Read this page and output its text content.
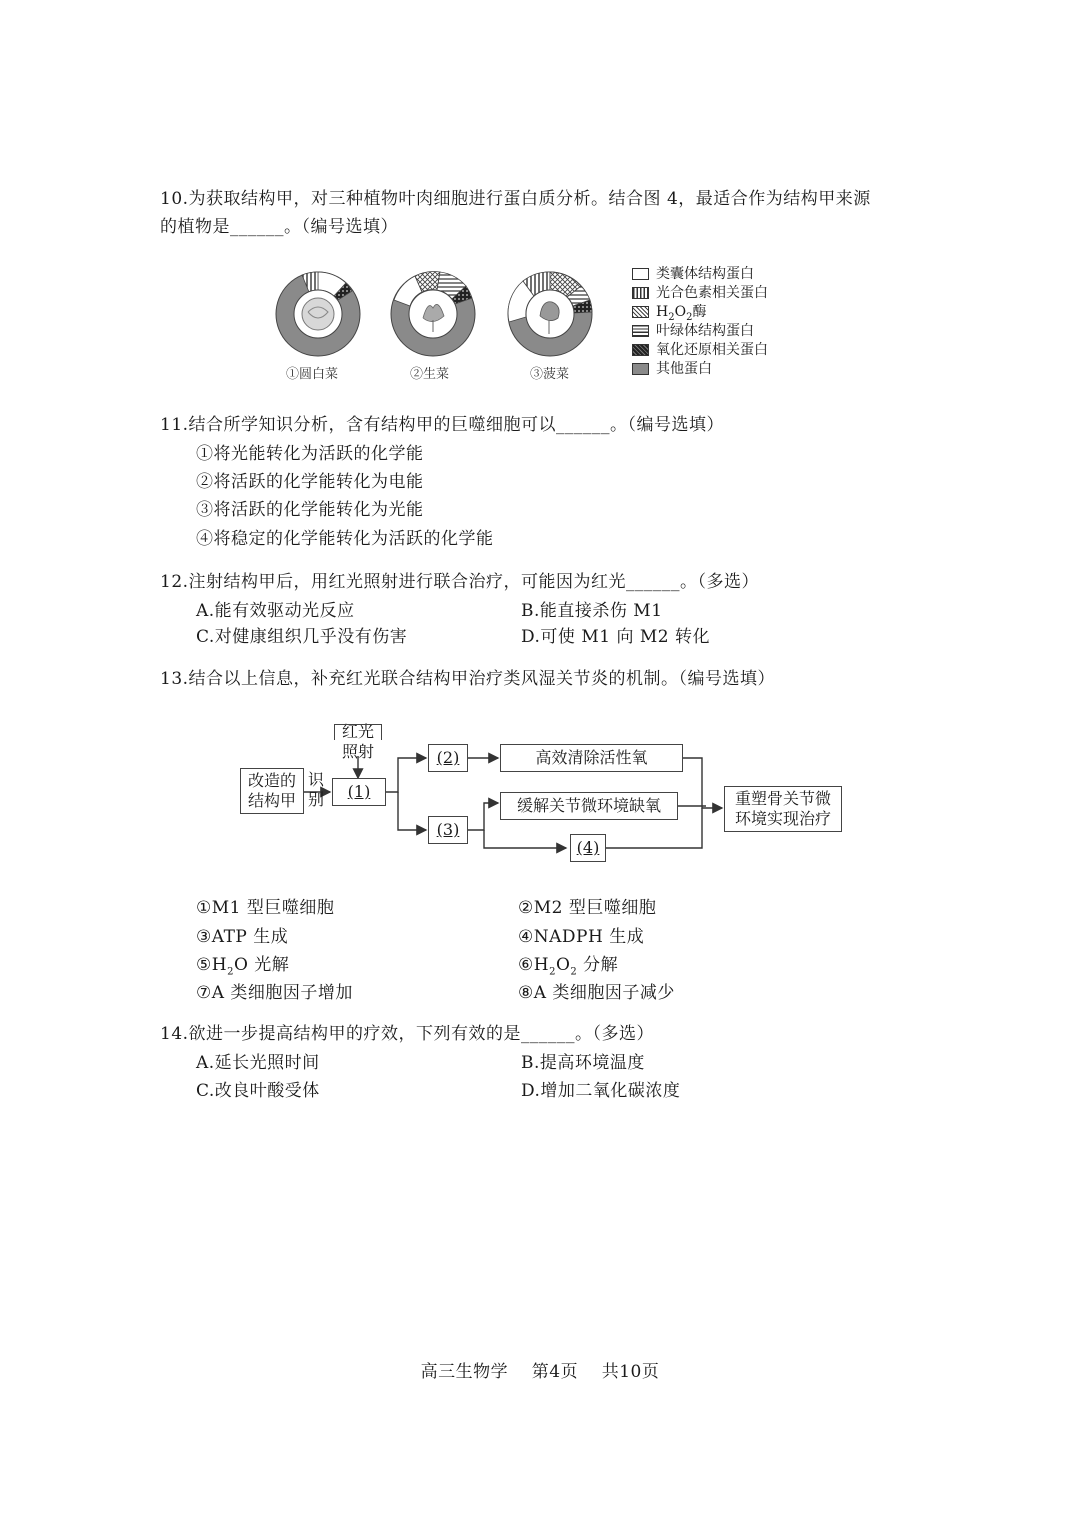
10.为获取结构甲，对三种植物叶肉细胞进行蛋白质分析。结合图 4，最适合作为结构甲来源
的植物是______。（编号选填）
①圆白菜	②生菜	③菠菜
类囊体结构蛋白
光合色素相关蛋白
$H_2O_2$酶
叶绿体结构蛋白
氧化还原相关蛋白
其他蛋白
11.结合所学知识分析，含有结构甲的巨噬细胞可以______。（编号选填）
①将光能转化为活跃的化学能
②将活跃的化学能转化为电能
③将活跃的化学能转化为光能
④将稳定的化学能转化为活跃的化学能
12.注射结构甲后，用红光照射进行联合治疗，可能因为红光______。（多选）
A.能有效驱动光反应	B.能直接杀伤 M1
C.对健康组织几乎没有伤害	D.可使 M1 向 M2 转化
13.结合以上信息，补充红光联合结构甲治疗类风湿关节炎的机制。（编号选填）
改造的
结构甲
识
别
红光
照射
(1)
(2)
(3)
高效清除活性氧
缓解关节微环境缺氧
(4)
重塑骨关节微
环境实现治疗
①M1 型巨噬细胞	②M2 型巨噬细胞
③ATP 生成	④NADPH 生成
$⑤H_2O$ 光解	$⑥H_2O_2$ 分解
⑦A 类细胞因子增加	⑧A 类细胞因子减少
14.欲进一步提高结构甲的疗效，下列有效的是______。（多选）
A.延长光照时间	B.提高环境温度
C.改良叶酸受体	D.增加二氧化碳浓度
高三生物学    第4页    共10页
